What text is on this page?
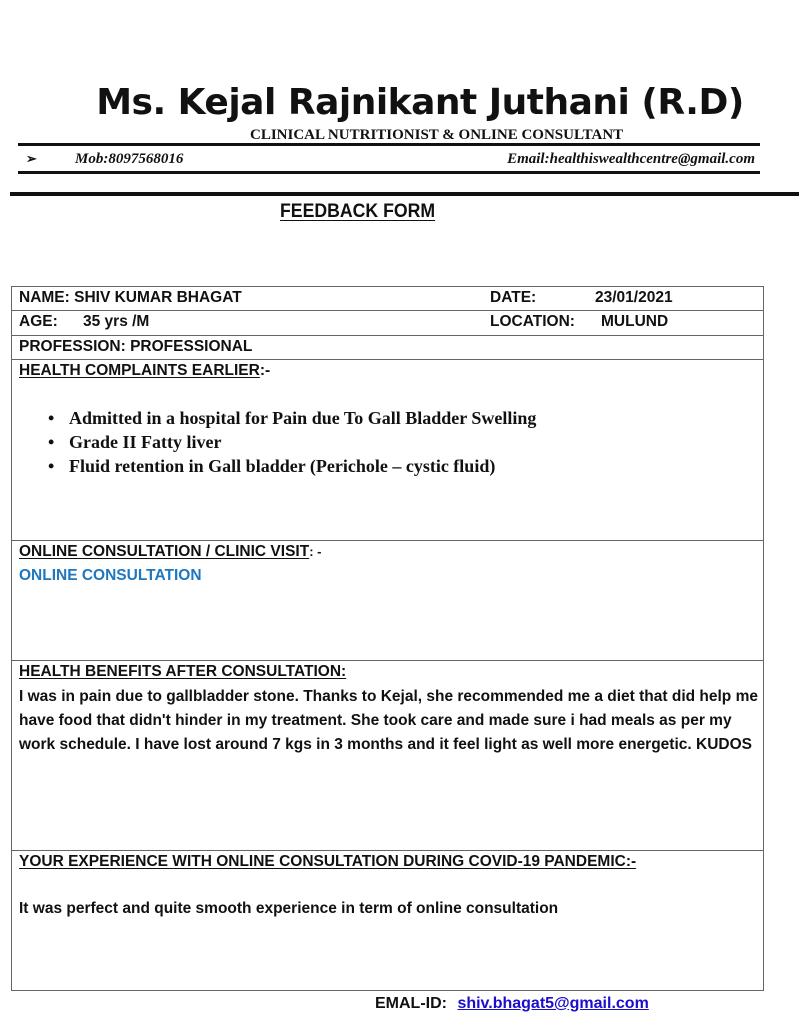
Ms. Kejal Rajnikant Juthani (R.D)
CLINICAL NUTRITIONIST & ONLINE CONSULTANT
➢	Mob:8097568016	Email:healthiswealthcentre@gmail.com
FEEDBACK FORM
NAME: SHIV KUMAR BHAGAT	DATE:	23/01/2021
AGE: 35 yrs /M	LOCATION: MULUND
PROFESSION: PROFESSIONAL
HEALTH COMPLAINTS EARLIER:-
• Admitted in a hospital for Pain due To Gall Bladder Swelling
• Grade II Fatty liver
• Fluid retention in Gall bladder (Perichole – cystic fluid)
ONLINE CONSULTATION / CLINIC VISIT: -
ONLINE CONSULTATION
HEALTH BENEFITS AFTER CONSULTATION:
I was in pain due to gallbladder stone. Thanks to Kejal, she recommended me a diet that did help me have food that didn't hinder in my treatment. She took care and made sure i had meals as per my work schedule. I have lost around 7 kgs in 3 months and it feel light as well more energetic. KUDOS
YOUR EXPERIENCE WITH ONLINE CONSULTATION DURING COVID-19 PANDEMIC:-
It was perfect and quite smooth experience in term of online consultation
EMAL-ID: shiv.bhagat5@gmail.com
